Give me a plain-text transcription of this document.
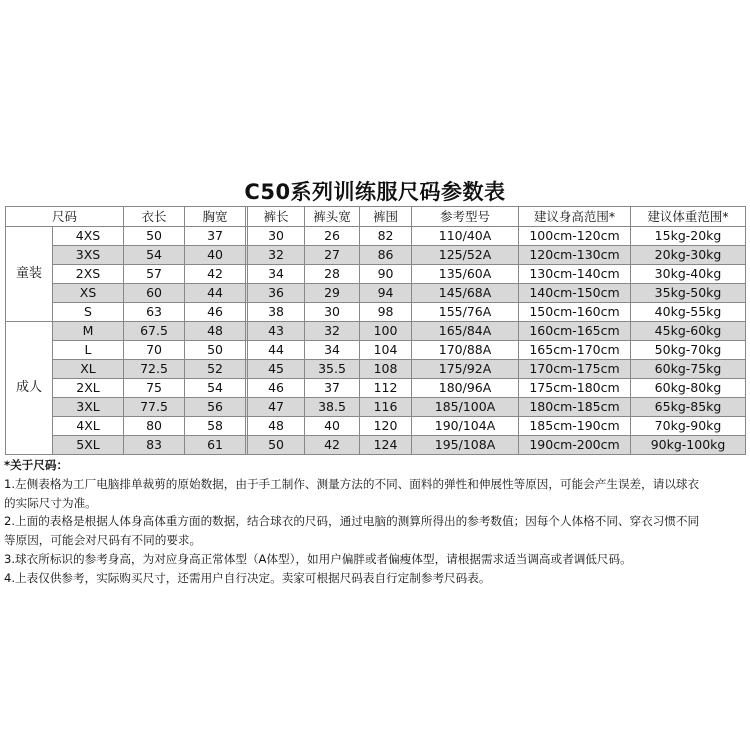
C50系列训练服尺码参数表
尺码		衣长	胸宽		裤长	裤头宽	裤围	参考型号	建议身高范围*	建议体重范围*
童装	4XS	50	37		30	26	82	110/40A	100cm-120cm	15kg-20kg
	3XS	54	40		32	27	86	125/52A	120cm-130cm	20kg-30kg
	2XS	57	42		34	28	90	135/60A	130cm-140cm	30kg-40kg
	XS	60	44		36	29	94	145/68A	140cm-150cm	35kg-50kg
	S	63	46		38	30	98	155/76A	150cm-160cm	40kg-55kg
成人	M	67.5	48		43	32	100	165/84A	160cm-165cm	45kg-60kg
	L	70	50		44	34	104	170/88A	165cm-170cm	50kg-70kg
	XL	72.5	52		45	35.5	108	175/92A	170cm-175cm	60kg-75kg
	2XL	75	54		46	37	112	180/96A	175cm-180cm	60kg-80kg
	3XL	77.5	56		47	38.5	116	185/100A	180cm-185cm	65kg-85kg
	4XL	80	58		48	40	120	190/104A	185cm-190cm	70kg-90kg
	5XL	83	61		50	42	124	195/108A	190cm-200cm	90kg-100kg

*关于尺码：

1.左侧表格为工厂电脑排单裁剪的原始数据，由于手工制作、测量方法的不同、面料的弹性和伸展性等原因，可能会产生误差，请以球衣

的实际尺寸为准。

2.上面的表格是根据人体身高体重方面的数据，结合球衣的尺码，通过电脑的测算所得出的参考数值；因每个人体格不同、穿衣习惯不同

等原因，可能会对尺码有不同的要求。

3.球衣所标识的参考身高，为对应身高正常体型（A体型），如用户偏胖或者偏瘦体型，请根据需求适当调高或者调低尺码。

4.上表仅供参考，实际购买尺寸，还需用户自行决定。卖家可根据尺码表自行定制参考尺码表。
